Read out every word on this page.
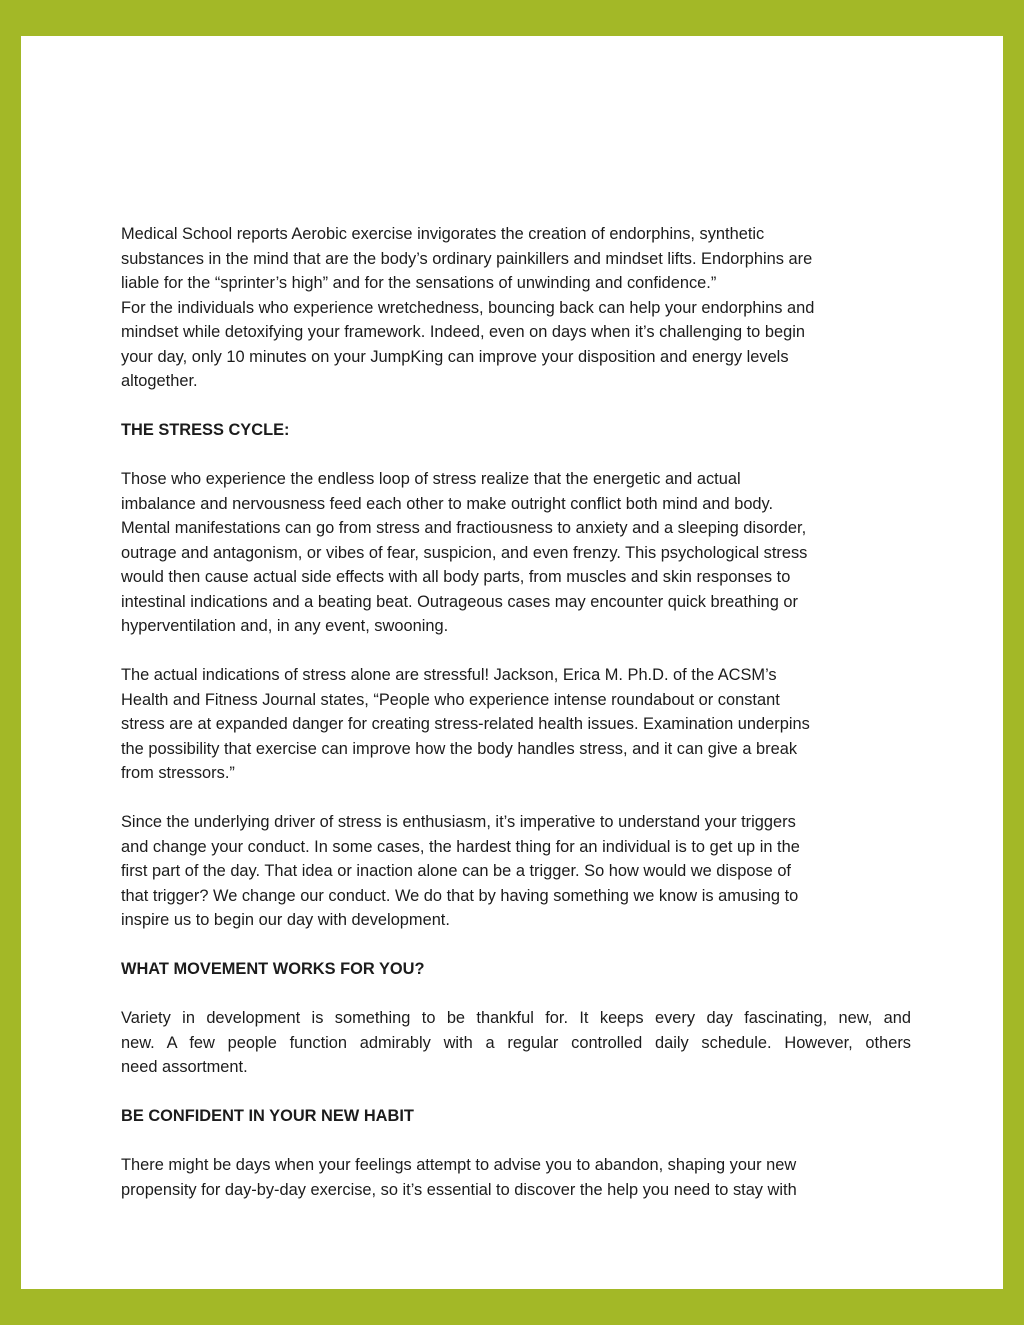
Medical School reports Aerobic exercise invigorates the creation of endorphins, synthetic
substances in the mind that are the body’s ordinary painkillers and mindset lifts. Endorphins are
liable for the “sprinter’s high” and for the sensations of unwinding and confidence.”
For the individuals who experience wretchedness, bouncing back can help your endorphins and
mindset while detoxifying your framework. Indeed, even on days when it’s challenging to begin
your day, only 10 minutes on your JumpKing can improve your disposition and energy levels
altogether.
THE STRESS CYCLE:
Those who experience the endless loop of stress realize that the energetic and actual
imbalance and nervousness feed each other to make outright conflict both mind and body.
Mental manifestations can go from stress and fractiousness to anxiety and a sleeping disorder,
outrage and antagonism, or vibes of fear, suspicion, and even frenzy. This psychological stress
would then cause actual side effects with all body parts, from muscles and skin responses to
intestinal indications and a beating beat. Outrageous cases may encounter quick breathing or
hyperventilation and, in any event, swooning.
The actual indications of stress alone are stressful! Jackson, Erica M. Ph.D. of the ACSM’s
Health and Fitness Journal states, “People who experience intense roundabout or constant
stress are at expanded danger for creating stress-related health issues. Examination underpins
the possibility that exercise can improve how the body handles stress, and it can give a break
from stressors.”
Since the underlying driver of stress is enthusiasm, it’s imperative to understand your triggers
and change your conduct. In some cases, the hardest thing for an individual is to get up in the
first part of the day. That idea or inaction alone can be a trigger. So how would we dispose of
that trigger? We change our conduct. We do that by having something we know is amusing to
inspire us to begin our day with development.
WHAT MOVEMENT WORKS FOR YOU?
Variety in development is something to be thankful for. It keeps every day fascinating, new, and
new. A few people function admirably with a regular controlled daily schedule. However, others
need assortment.
BE CONFIDENT IN YOUR NEW HABIT
There might be days when your feelings attempt to advise you to abandon, shaping your new
propensity for day-by-day exercise, so it’s essential to discover the help you need to stay with
